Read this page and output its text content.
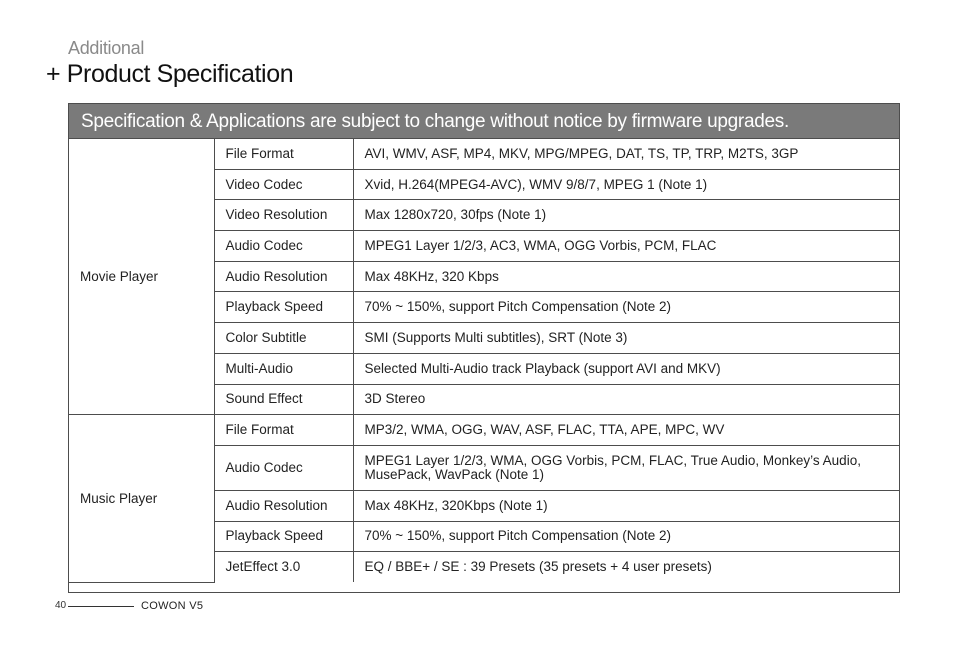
Additional
+ Product Specification
Specification & Applications are subject to change without notice by firmware upgrades.
Movie Player	File Format	AVI, WMV, ASF, MP4, MKV, MPG/MPEG, DAT, TS, TP, TRP, M2TS, 3GP
	Video Codec	Xvid, H.264(MPEG4-AVC), WMV 9/8/7, MPEG 1 (Note 1)
	Video Resolution	Max 1280x720, 30fps (Note 1)
	Audio Codec	MPEG1 Layer 1/2/3, AC3, WMA, OGG Vorbis, PCM, FLAC
	Audio Resolution	Max 48KHz, 320 Kbps
	Playback Speed	70% ~ 150%, support Pitch Compensation (Note 2)
	Color Subtitle	SMI (Supports Multi subtitles), SRT (Note 3)
	Multi-Audio	Selected Multi-Audio track Playback (support AVI and MKV)
	Sound Effect	3D Stereo
Music Player	File Format	MP3/2, WMA, OGG, WAV, ASF, FLAC, TTA, APE, MPC, WV
	Audio Codec	MPEG1 Layer 1/2/3, WMA, OGG Vorbis, PCM, FLAC, True Audio, Monkey’s Audio, MusePack, WavPack (Note 1)
	Audio Resolution	Max 48KHz, 320Kbps (Note 1)
	Playback Speed	70% ~ 150%, support Pitch Compensation (Note 2)
	JetEffect 3.0	EQ / BBE+ / SE : 39 Presets (35 presets + 4 user presets)
40	COWON V5
